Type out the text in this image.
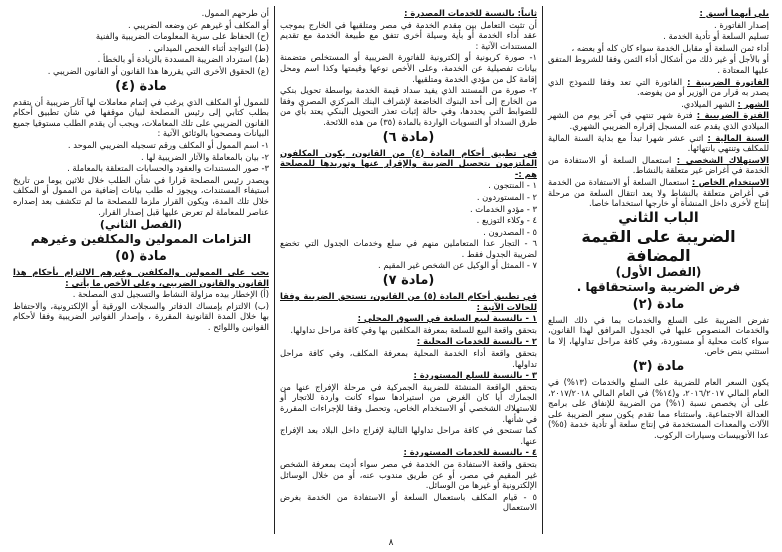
بلي أيهما أسبق :

إصدار الفاتورة .

تسليم السلعة أو تأدية الخدمة .

أداء ثمن السلعة أو مقابل الخدمة سواء كان كله أو بعضه ،

أو بالأجل أو غير ذلك من أشكال أداء الثمن وفقا للشروط المتفق عليها المعتادة .

الفاتورة الضريبية : الفاتورة التي تعد وفقا للنموذج الذي يصدر به قرار من الوزير أو من يفوضه.

الشهر : الشهر الميلادي.

الفترة الضريبية : فترة شهر تنتهي في آخر يوم من الشهر الميلادي الذي يقدم عنه المسجل إقراره الضريبي الشهري.

السنة المالية : اثني عشر شهرا تبدأ مع بداية السنة المالية للمكلف وتنتهي بانتهائها.

الاستهلاك الشخصي : استعمال السلعة أو الاستفادة من الخدمة في أغراض غير متعلقة بالنشاط.

الاستخدام الخاص : استعمال السلعة أو الاستفادة من الخدمة في أغراض متعلقة بالنشاط ولا يعد انتقال السلعة من مرحلة إنتاج لأخرى داخل المنشأة أو خارجها استخداما خاصا.

الباب الثاني
الضريبة على القيمة المضافة
(الفصل الأول)
فرض الضريبة واستحقاقها .
مادة (٢)

تفرض الضريبة على السلع والخدمات بما في ذلك السلع والخدمات المنصوص عليها في الجدول المرافق لهذا القانون، سواء كانت محلية أو مستوردة، وفي كافة مراحل تداولها، إلا ما استثني بنص خاص.

مادة (٣)

يكون السعر العام للضريبة على السلع والخدمات (١٣%) في العام المالي ٢٠١٦/٢٠١٧، و(١٤%) في العام المالي ٢٠١٧/٢٠١٨، على أن يخصص نسبة (١%) من الضريبة للإنفاق على برامج العدالة الاجتماعية. واستثناء مما تقدم يكون سعر الضريبة على الآلات والمعدات المستخدمة في إنتاج سلعة أو تأدية خدمة (٥%) عدا الأتوبيسات وسيارات الركوب.

ثانياً: بالنسبة للخدمات المصدرة :

أن تثبت التعامل بين مقدم الخدمة في مصر ومتلقيها في الخارج بموجب عقد أداء الخدمة أو بأية وسيلة أخرى تتفق مع طبيعة الخدمة مع تقديم المستندات الآتية :

١- صورة كربونية أو إلكترونية للفاتورة الضريبية أو المستخلص متضمنة بيانات تفصيلية عن الخدمة، وعلى الأخص نوعها وقيمتها وكذا اسم ومحل إقامة كل من مؤدي الخدمة ومتلقيها.

٢- صورة من المستند الذي يفيد سداد قيمة الخدمة بواسطة تحويل بنكي من الخارج إلى أحد البنوك الخاضعة لإشراف البنك المركزي المصري وفقا للضوابط التي يحددها، وفي حالة إثبات تعذر التحويل البنكي يعتد بأي من طرق السداد أو التسويات الواردة بالمادة (٣٥) من هذه اللائحة.

(مادة ٦)

في تطبيق أحكام المادة (٤) من القانون، يكون المكلفون الملتزمون بتحصيل الضريبة والإقرار عنها وتوريدها للمصلحة هم :-

١ - المنتجون .

٢ - المستوردون .

٣ - مؤدو الخدمات .

٤ - وكلاء التوزيع .

٥ - المصدرون .

٦ - التجار عدا المتعاملين منهم في سلع وخدمات الجدول التي تخضع لضريبة الجدول فقط .

٧ - الممثل أو الوكيل عن الشخص غير المقيم .

(مادة ٧)

في تطبيق أحكام المادة (٥) من القانون، تستحق الضريبة وفقا للحالات الآتية :

١ - بالنسبة لبيع السلعة في السوق المحلي :

بتحقق واقعة البيع للسلعة بمعرفة المكلفين بها وفي كافة مراحل تداولها.

٢ - بالنسبة للخدمات المحلية :

بتحقق واقعة أداء الخدمة المحلية بمعرفة المكلف، وفي كافة مراحل تداولها.

٣ - بالنسبة للسلع المستوردة :

بتحقق الواقعة المنشئة للضريبة الجمركية في مرحلة الإفراج عنها من الجمارك أيا كان الغرض من استيرادها سواء كانت واردة للاتجار أو للاستهلاك الشخصي أو الاستخدام الخاص، وتحصل وفقا للإجراءات المقررة في شأنها.

كما تستحق في كافة مراحل تداولها التالية لإفراج داخل البلاد بعد الإفراج عنها.

٤ - بالنسبة للخدمات المستوردة :

بتحقق واقعة الاستفادة من الخدمة في مصر سواء أديت بمعرفة الشخص غير المقيم في مصر، أو عن طريق مندوب عنه، أو من خلال الوسائل الإلكترونية أو غيرها من الوسائل.

٥ - قيام المكلف باستعمال السلعة أو الاستفادة من الخدمة بغرض الاستعمال

أن طرحهم الممول.

أو المكلف أو غيرهم عن وضعه الضريبي .

(ح) الحفاظ على سرية المعلومات الضريبية والفنية

(ط) التواجد أثناء الفحص الميداني .

(ظ) استرداد الضريبة المسددة بالزيادة أو بالخطأ .

(ع) الحقوق الأخرى التي يقررها هذا القانون أو القانون الضريبي .

مادة (٤)

للممول أو المكلف الذي يرغب في إتمام معاملات لها آثار ضريبية أن يتقدم بطلب كتابي إلى رئيس المصلحة لبيان موقفها في شأن تطبيق أحكام القانون الضريبي على تلك المعاملات، ويجب أن يقدم الطلب مستوفيا جميع البيانات ومصحوبا بالوثائق الآتية :

١- اسم الممول أو المكلف ورقم تسجيله الضريبي الموحد .

٢- بيان بالمعاملة والآثار الضريبية لها .

٣- صور المستندات والعقود والحسابات المتعلقة بالمعاملة .

ويصدر رئيس المصلحة قرارا في شأن الطلب خلال ثلاثين يوما من تاريخ استيفاء المستندات، ويجوز له طلب بيانات إضافية من الممول أو المكلف خلال تلك المدة، ويكون القرار ملزما للمصلحة ما لم تتكشف بعد إصداره عناصر للمعاملة لم تعرض عليها قبل إصدار القرار.

(الفصل الثاني)
التزامات الممولين والمكلفين وغيرهم
مادة (٥)

يجب على الممولين والمكلفين وغيرهم الالتزام بأحكام هذا القانون والقانون الضريبي، وعلى الأخص ما يأتي :

(أ) الإخطار بيده مزاولة النشاط والتسجيل لدى المصلحة .

(ب) الالتزام بإمساك الدفاتر والسجلات الورقية أو الإلكترونية، والاحتفاظ بها خلال المدة القانونية المقررة ، وإصدار الفواتير الضريبية وفقا لأحكام القوانين واللوائح .

٨
